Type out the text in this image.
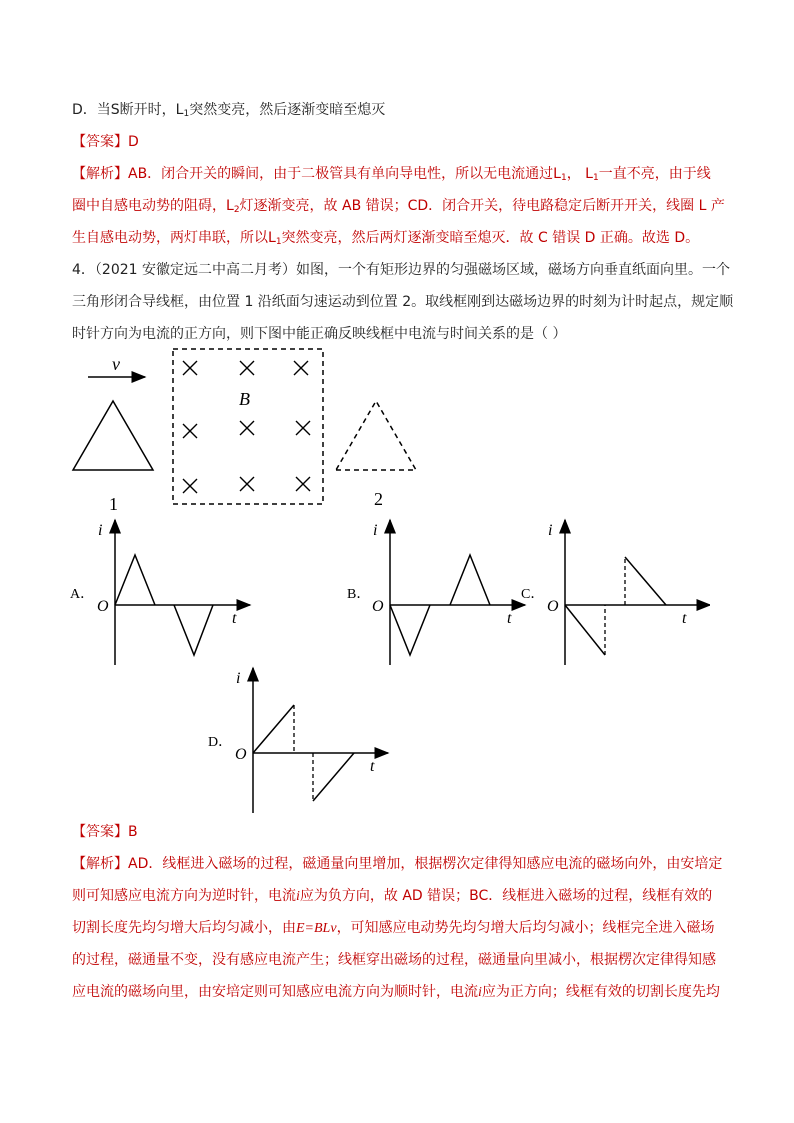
D．当S断开时，$L_1$突然变亮，然后逐渐变暗至熄灭
【答案】D
【解析】AB．闭合开关的瞬间，由于二极管具有单向导电性，所以无电流通过$L_1$， $L_1$一直不亮，由于线
圈中自感电动势的阻碍，$L_2$灯逐渐变亮，故 AB 错误；CD．闭合开关，待电路稳定后断开开关，线圈 L 产
生自感电动势，两灯串联，所以$L_1$突然变亮，然后两灯逐渐变暗至熄灭．故 C 错误 D 正确。故选 D。
4．（2021 安徽定远二中高二月考）如图，一个有矩形边界的匀强磁场区域，磁场方向垂直纸面向里。一个
三角形闭合导线框，由位置 1 沿纸面匀速运动到位置 2。取线框刚到达磁场边界的时刻为计时起点，规定顺
时针方向为电流的正方向，则下图中能正确反映线框中电流与时间关系的是（ ）
v
1
B
2
i
t
O
A．
i
t
O
B．
i
t
O
C．
i
t
O
D．
【答案】B
【解析】AD．线框进入磁场的过程，磁通量向里增加，根据楞次定律得知感应电流的磁场向外，由安培定
则可知感应电流方向为逆时针，电流i应为负方向，故 AD 错误；BC．线框进入磁场的过程，线框有效的
切割长度先均匀增大后均匀减小，由E=BLv，可知感应电动势先均匀增大后均匀减小；线框完全进入磁场
的过程，磁通量不变，没有感应电流产生；线框穿出磁场的过程，磁通量向里减小，根据楞次定律得知感
应电流的磁场向里，由安培定则可知感应电流方向为顺时针，电流i应为正方向；线框有效的切割长度先均
